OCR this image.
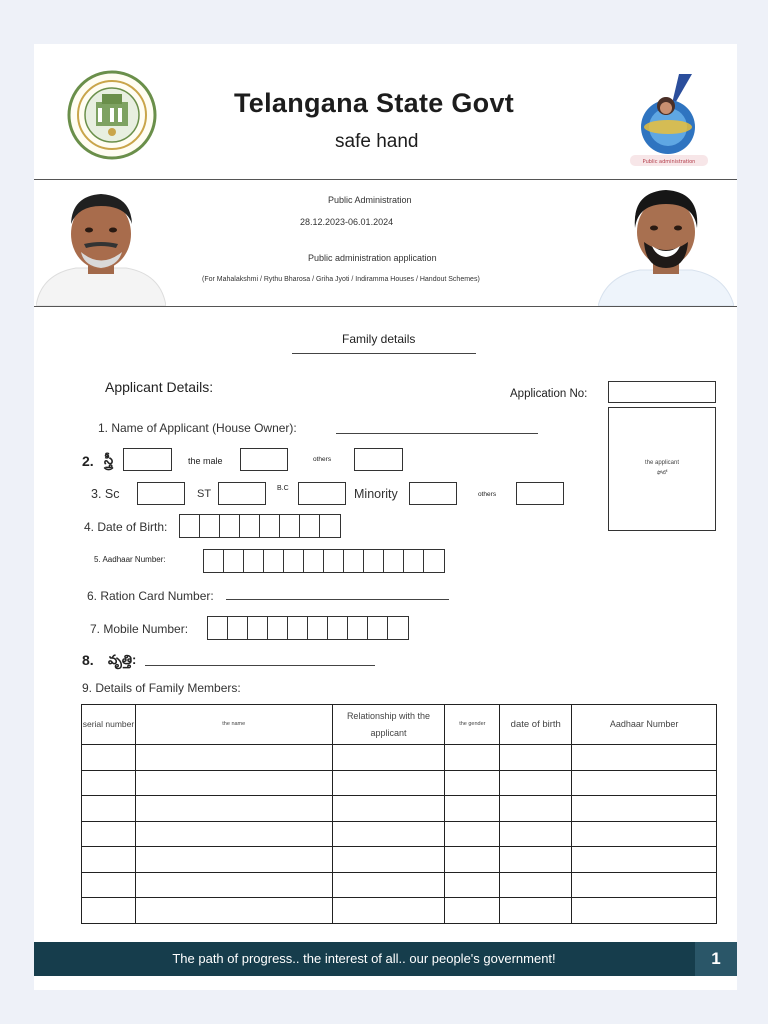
Telangana State Govt
safe hand
Public administration
Public Administration
28.12.2023-06.01.2024
Public administration application
(For Mahalakshmi / Rythu Bharosa / Griha Jyoti / Indiramma Houses / Handout Schemes)
Family details
Applicant Details:	Application No:
the applicant
ఫోటో
1. Name of Applicant (House Owner):
2. స్త్రీ	the male	others
3. Sc	ST	B.C	Minority	others
4. Date of Birth:
5. Aadhaar Number:
6. Ration Card Number:
7. Mobile Number:
8. వృత్తి:
9. Details of Family Members:
serial number	the name	Relationship with the applicant	the gender	date of birth	Aadhaar Number

The path of progress.. the interest of all.. our people's government!	1
